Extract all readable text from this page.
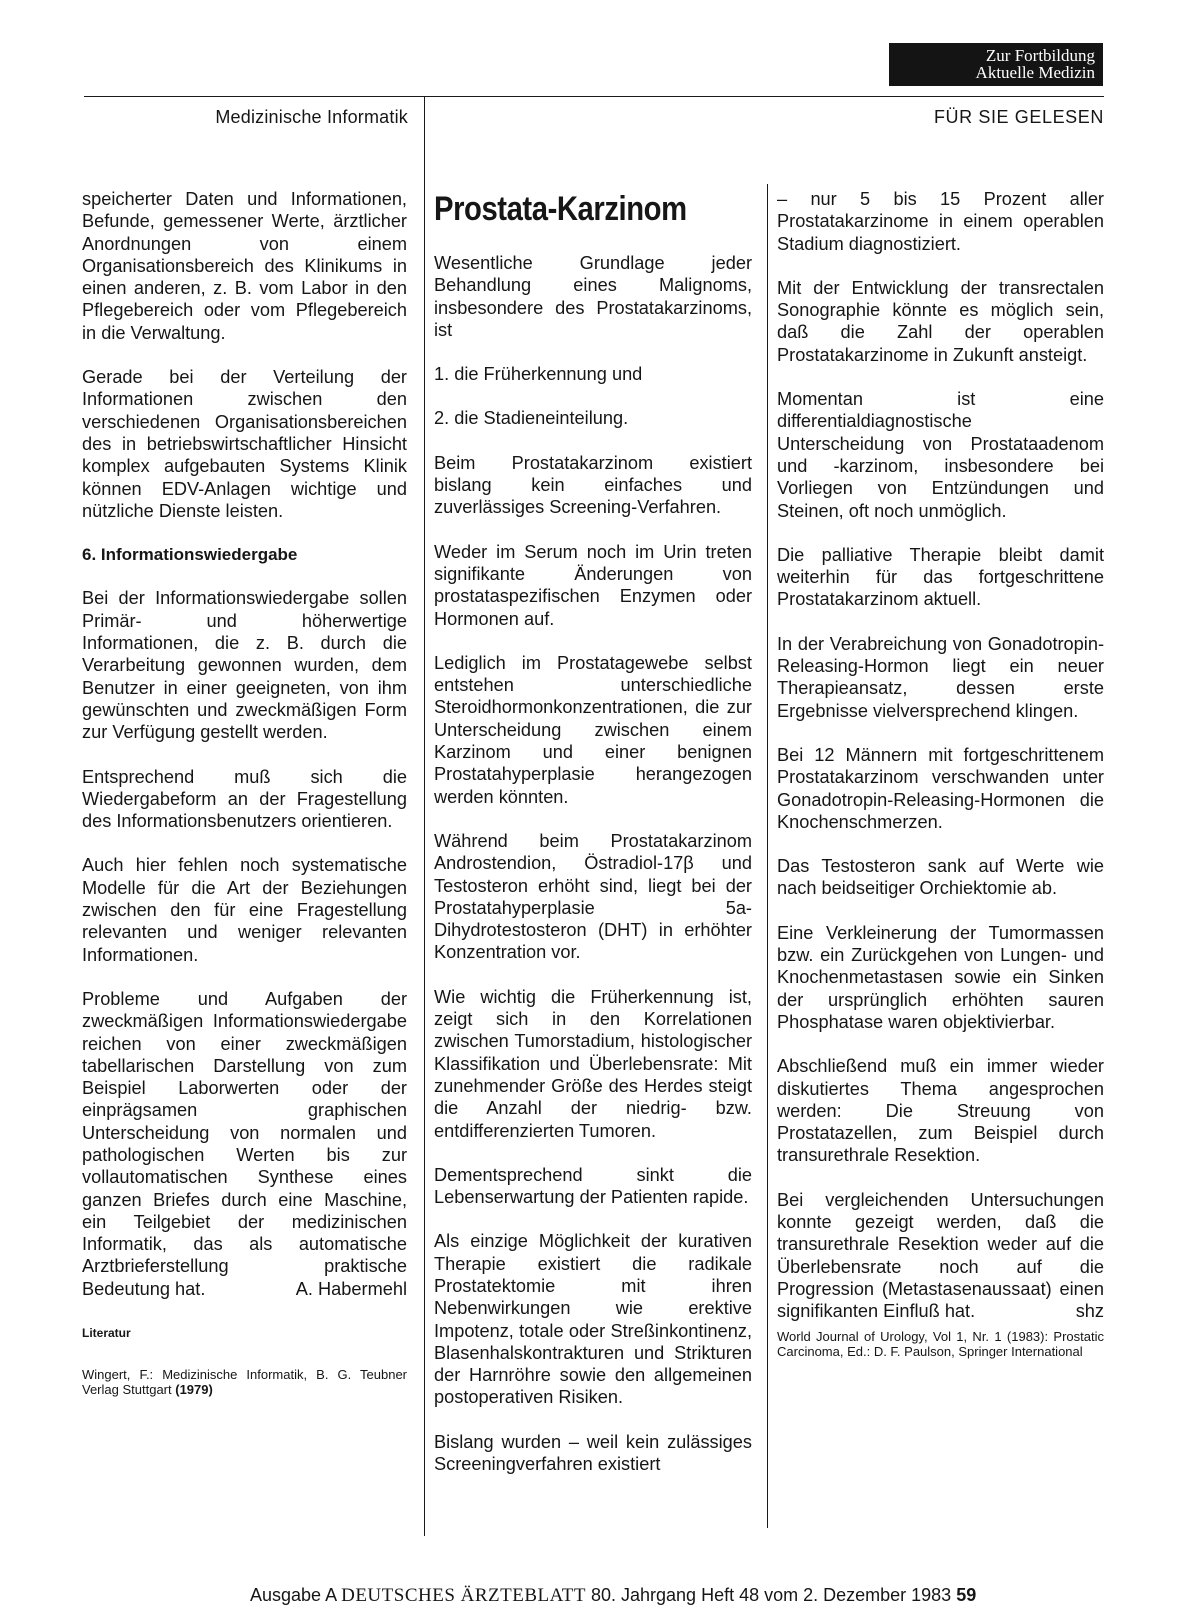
Zur Fortbildung
Aktuelle Medizin
Medizinische Informatik	FÜR SIE GELESEN

speicherter Daten und Informationen, Befunde, gemessener Werte, ärztlicher Anordnungen von einem Organisationsbereich des Klinikums in einen anderen, z. B. vom Labor in den Pflegebereich oder vom Pflegebereich in die Verwaltung.

Gerade bei der Verteilung der Informationen zwischen den verschiedenen Organisationsbereichen des in betriebswirtschaftlicher Hinsicht komplex aufgebauten Systems Klinik können EDV-Anlagen wichtige und nützliche Dienste leisten.

6. Informationswiedergabe

Bei der Informationswiedergabe sollen Primär- und höherwertige Informationen, die z. B. durch die Verarbeitung gewonnen wurden, dem Benutzer in einer geeigneten, von ihm gewünschten und zweckmäßigen Form zur Verfügung gestellt werden.

Entsprechend muß sich die Wiedergabeform an der Fragestellung des Informationsbenutzers orientieren.

Auch hier fehlen noch systematische Modelle für die Art der Beziehungen zwischen den für eine Fragestellung relevanten und weniger relevanten Informationen.

Probleme und Aufgaben der zweckmäßigen Informationswiedergabe reichen von einer zweckmäßigen tabellarischen Darstellung von zum Beispiel Laborwerten oder der einprägsamen graphischen Unterscheidung von normalen und pathologischen Werten bis zur vollautomatischen Synthese eines ganzen Briefes durch eine Maschine, ein Teilgebiet der medizinischen Informatik, das als automatische Arztbrieferstellung praktische Bedeutung hat.	A. Habermehl

Literatur

Wingert, F.: Medizinische Informatik, B. G. Teubner Verlag Stuttgart (1979)

Prostata-Karzinom

Wesentliche Grundlage jeder Behandlung eines Malignoms, insbesondere des Prostatakarzinoms, ist

1. die Früherkennung und

2. die Stadieneinteilung.

Beim Prostatakarzinom existiert bislang kein einfaches und zuverlässiges Screening-Verfahren.

Weder im Serum noch im Urin treten signifikante Änderungen von prostataspezifischen Enzymen oder Hormonen auf.

Lediglich im Prostatagewebe selbst entstehen unterschiedliche Steroidhormonkonzentrationen, die zur Unterscheidung zwischen einem Karzinom und einer benignen Prostatahyperplasie herangezogen werden könnten.

Während beim Prostatakarzinom Androstendion, Östradiol-17β und Testosteron erhöht sind, liegt bei der Prostatahyperplasie 5a-Dihydrotestosteron (DHT) in erhöhter Konzentration vor.

Wie wichtig die Früherkennung ist, zeigt sich in den Korrelationen zwischen Tumorstadium, histologischer Klassifikation und Überlebensrate: Mit zunehmender Größe des Herdes steigt die Anzahl der niedrig- bzw. entdifferenzierten Tumoren.

Dementsprechend sinkt die Lebenserwartung der Patienten rapide.

Als einzige Möglichkeit der kurativen Therapie existiert die radikale Prostatektomie mit ihren Nebenwirkungen wie erektive Impotenz, totale oder Streßinkontinenz, Blasenhalskontrakturen und Strikturen der Harnröhre sowie den allgemeinen postoperativen Risiken.

Bislang wurden – weil kein zulässiges Screeningverfahren existiert

– nur 5 bis 15 Prozent aller Prostatakarzinome in einem operablen Stadium diagnostiziert.

Mit der Entwicklung der transrectalen Sonographie könnte es möglich sein, daß die Zahl der operablen Prostatakarzinome in Zukunft ansteigt.

Momentan ist eine differentialdiagnostische Unterscheidung von Prostataadenom und -karzinom, insbesondere bei Vorliegen von Entzündungen und Steinen, oft noch unmöglich.

Die palliative Therapie bleibt damit weiterhin für das fortgeschrittene Prostatakarzinom aktuell.

In der Verabreichung von Gonadotropin-Releasing-Hormon liegt ein neuer Therapieansatz, dessen erste Ergebnisse vielversprechend klingen.

Bei 12 Männern mit fortgeschrittenem Prostatakarzinom verschwanden unter Gonadotropin-Releasing-Hormonen die Knochenschmerzen.

Das Testosteron sank auf Werte wie nach beidseitiger Orchiektomie ab.

Eine Verkleinerung der Tumormassen bzw. ein Zurückgehen von Lungen- und Knochenmetastasen sowie ein Sinken der ursprünglich erhöhten sauren Phosphatase waren objektivierbar.

Abschließend muß ein immer wieder diskutiertes Thema angesprochen werden: Die Streuung von Prostatazellen, zum Beispiel durch transurethrale Resektion.

Bei vergleichenden Untersuchungen konnte gezeigt werden, daß die transurethrale Resektion weder auf die Überlebensrate noch auf die Progression (Metastasenaussaat) einen signifikanten Einfluß hat.	shz

World Journal of Urology, Vol 1, Nr. 1 (1983): Prostatic Carcinoma, Ed.: D. F. Paulson, Springer International

Ausgabe A DEUTSCHES ÄRZTEBLATT 80. Jahrgang Heft 48 vom 2. Dezember 1983 59
